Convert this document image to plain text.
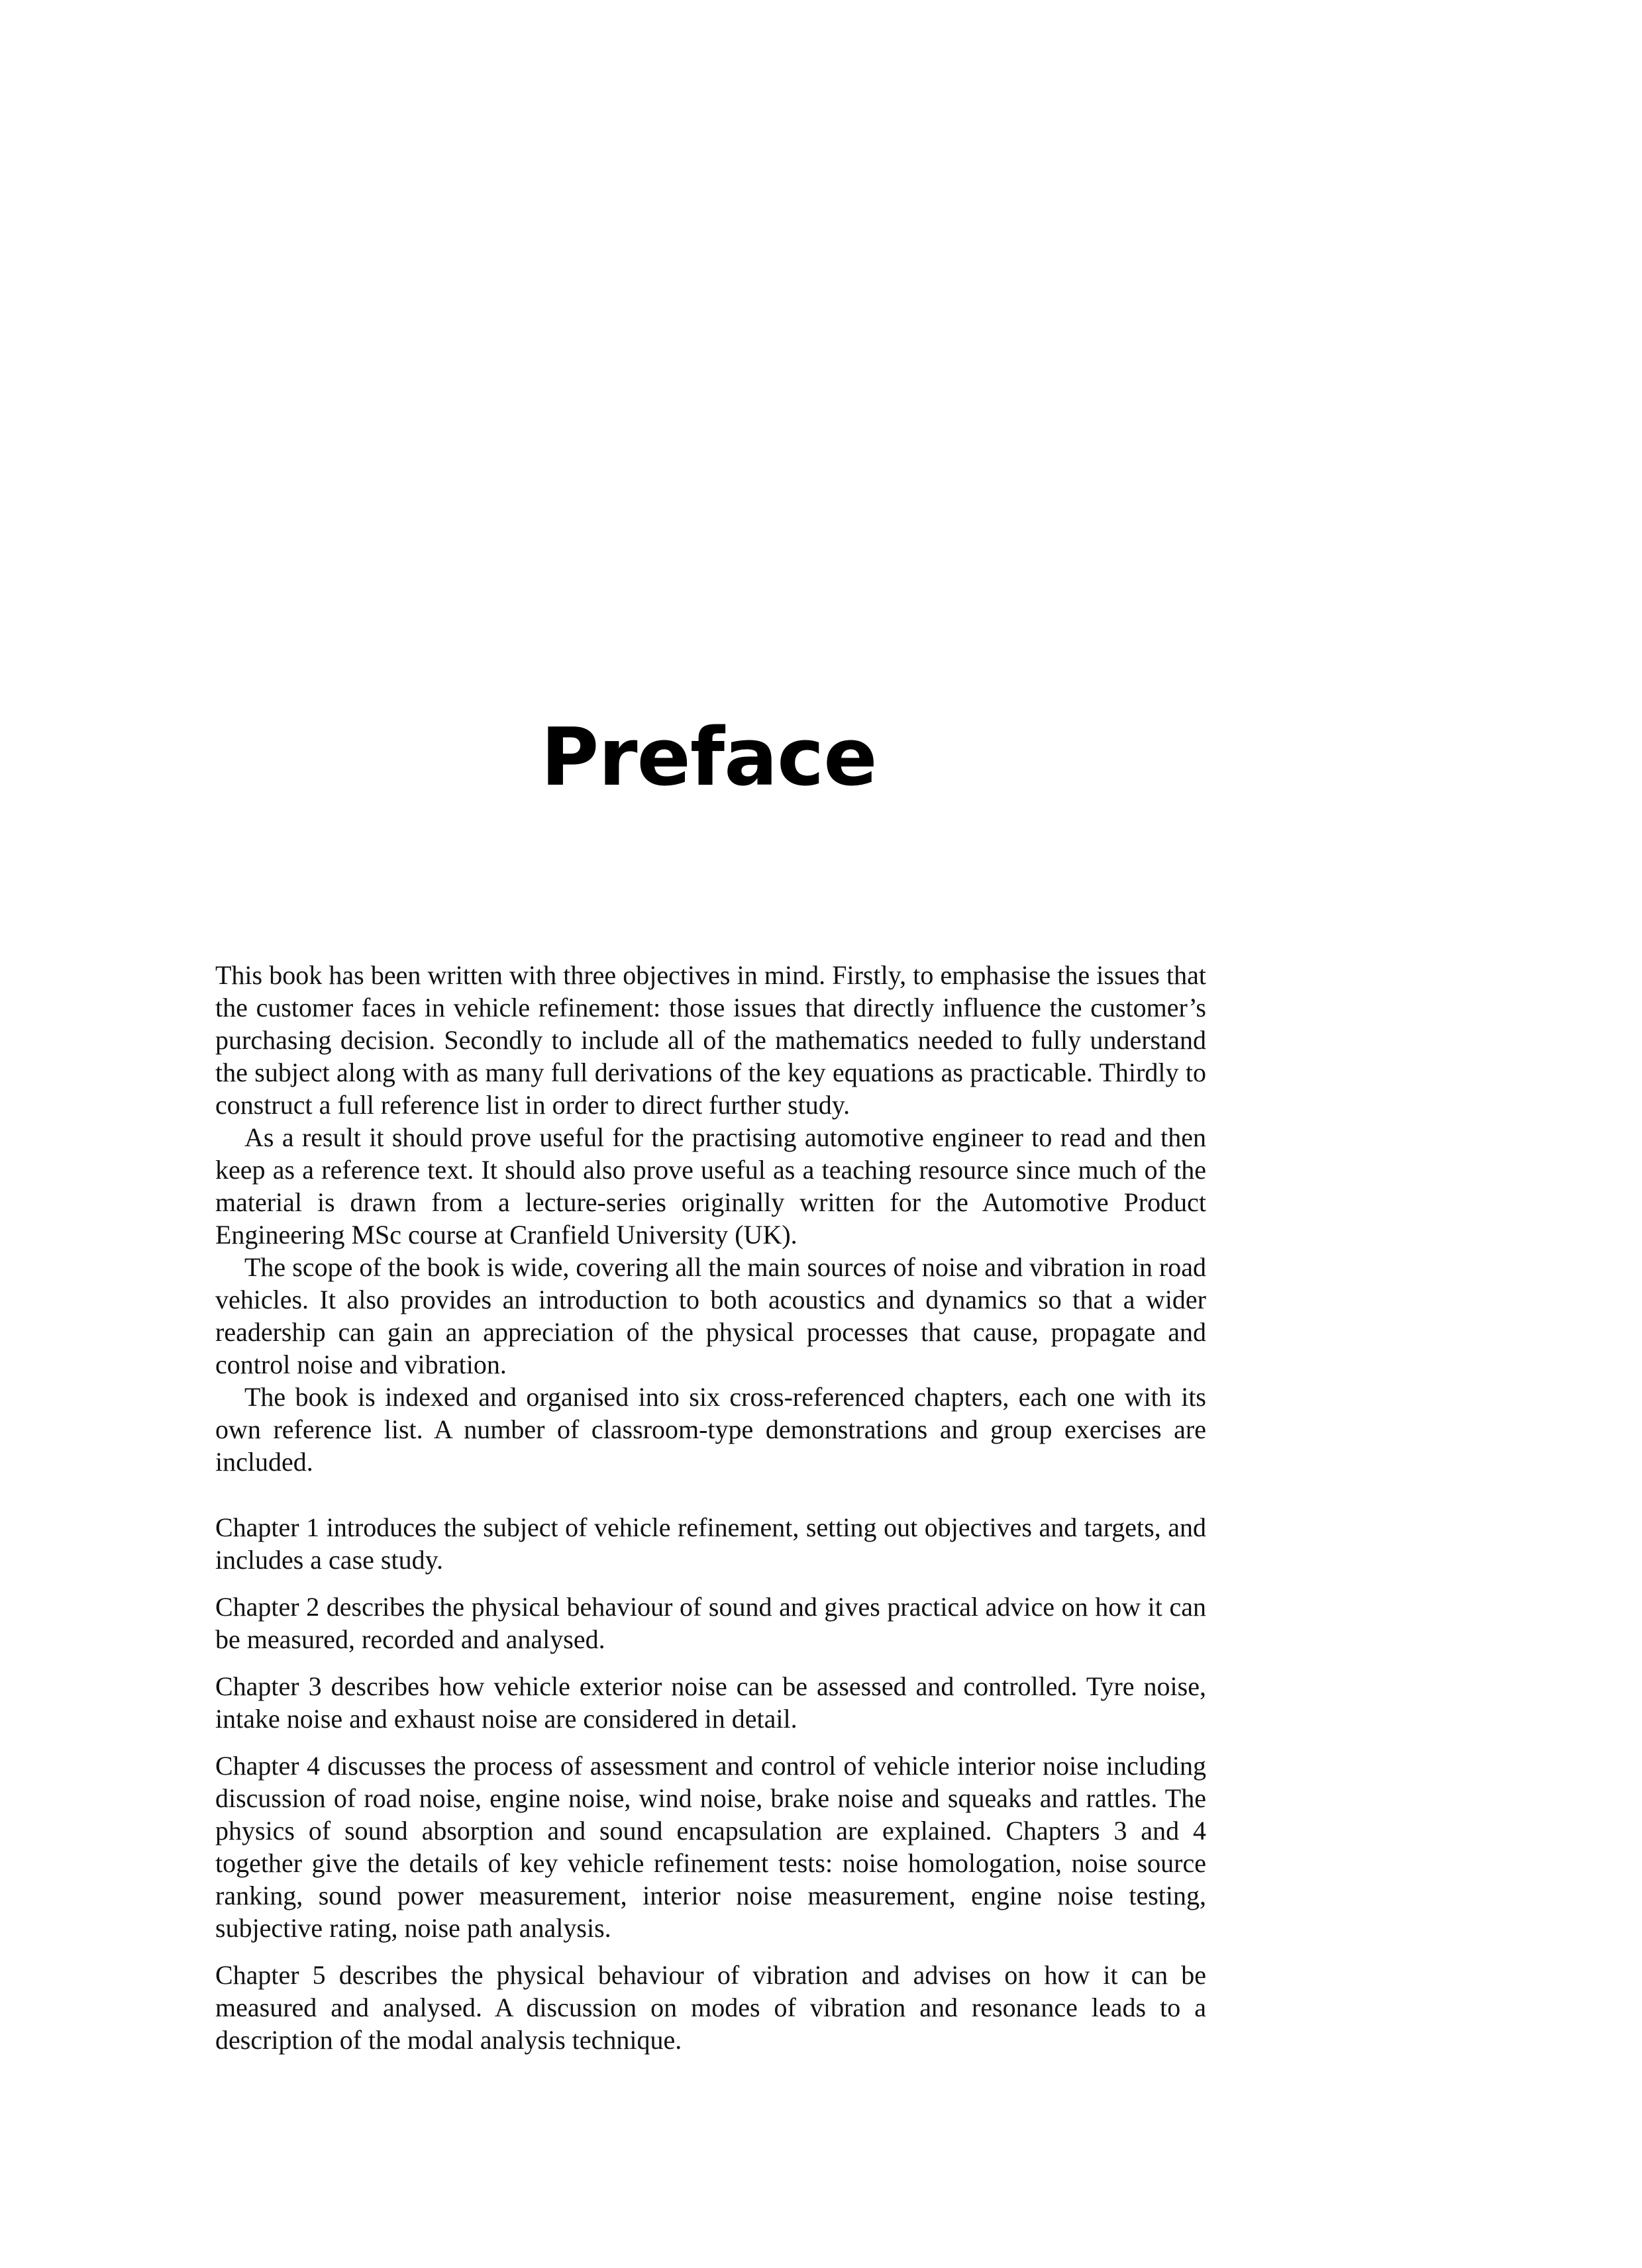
Preface

This book has been written with three objectives in mind. Firstly, to emphasise the issues that the customer faces in vehicle refinement: those issues that directly influence the customer’s purchasing decision. Secondly to include all of the mathematics needed to fully understand the subject along with as many full derivations of the key equations as practicable. Thirdly to construct a full reference list in order to direct further study.

As a result it should prove useful for the practising automotive engineer to read and then keep as a reference text. It should also prove useful as a teaching resource since much of the material is drawn from a lecture-series originally written for the Automotive Product Engineering MSc course at Cranfield University (UK).

The scope of the book is wide, covering all the main sources of noise and vibration in road vehicles. It also provides an introduction to both acoustics and dynamics so that a wider readership can gain an appreciation of the physical processes that cause, propagate and control noise and vibration.

The book is indexed and organised into six cross-referenced chapters, each one with its own reference list. A number of classroom-type demonstrations and group exercises are included.

Chapter 1 introduces the subject of vehicle refinement, setting out objectives and targets, and includes a case study.

Chapter 2 describes the physical behaviour of sound and gives practical advice on how it can be measured, recorded and analysed.

Chapter 3 describes how vehicle exterior noise can be assessed and controlled. Tyre noise, intake noise and exhaust noise are considered in detail.

Chapter 4 discusses the process of assessment and control of vehicle interior noise including discussion of road noise, engine noise, wind noise, brake noise and squeaks and rattles. The physics of sound absorption and sound encapsulation are explained. Chapters 3 and 4 together give the details of key vehicle refinement tests: noise homologation, noise source ranking, sound power measurement, interior noise measurement, engine noise testing, subjective rating, noise path analysis.

Chapter 5 describes the physical behaviour of vibration and advises on how it can be measured and analysed. A discussion on modes of vibration and resonance leads to a description of the modal analysis technique.
